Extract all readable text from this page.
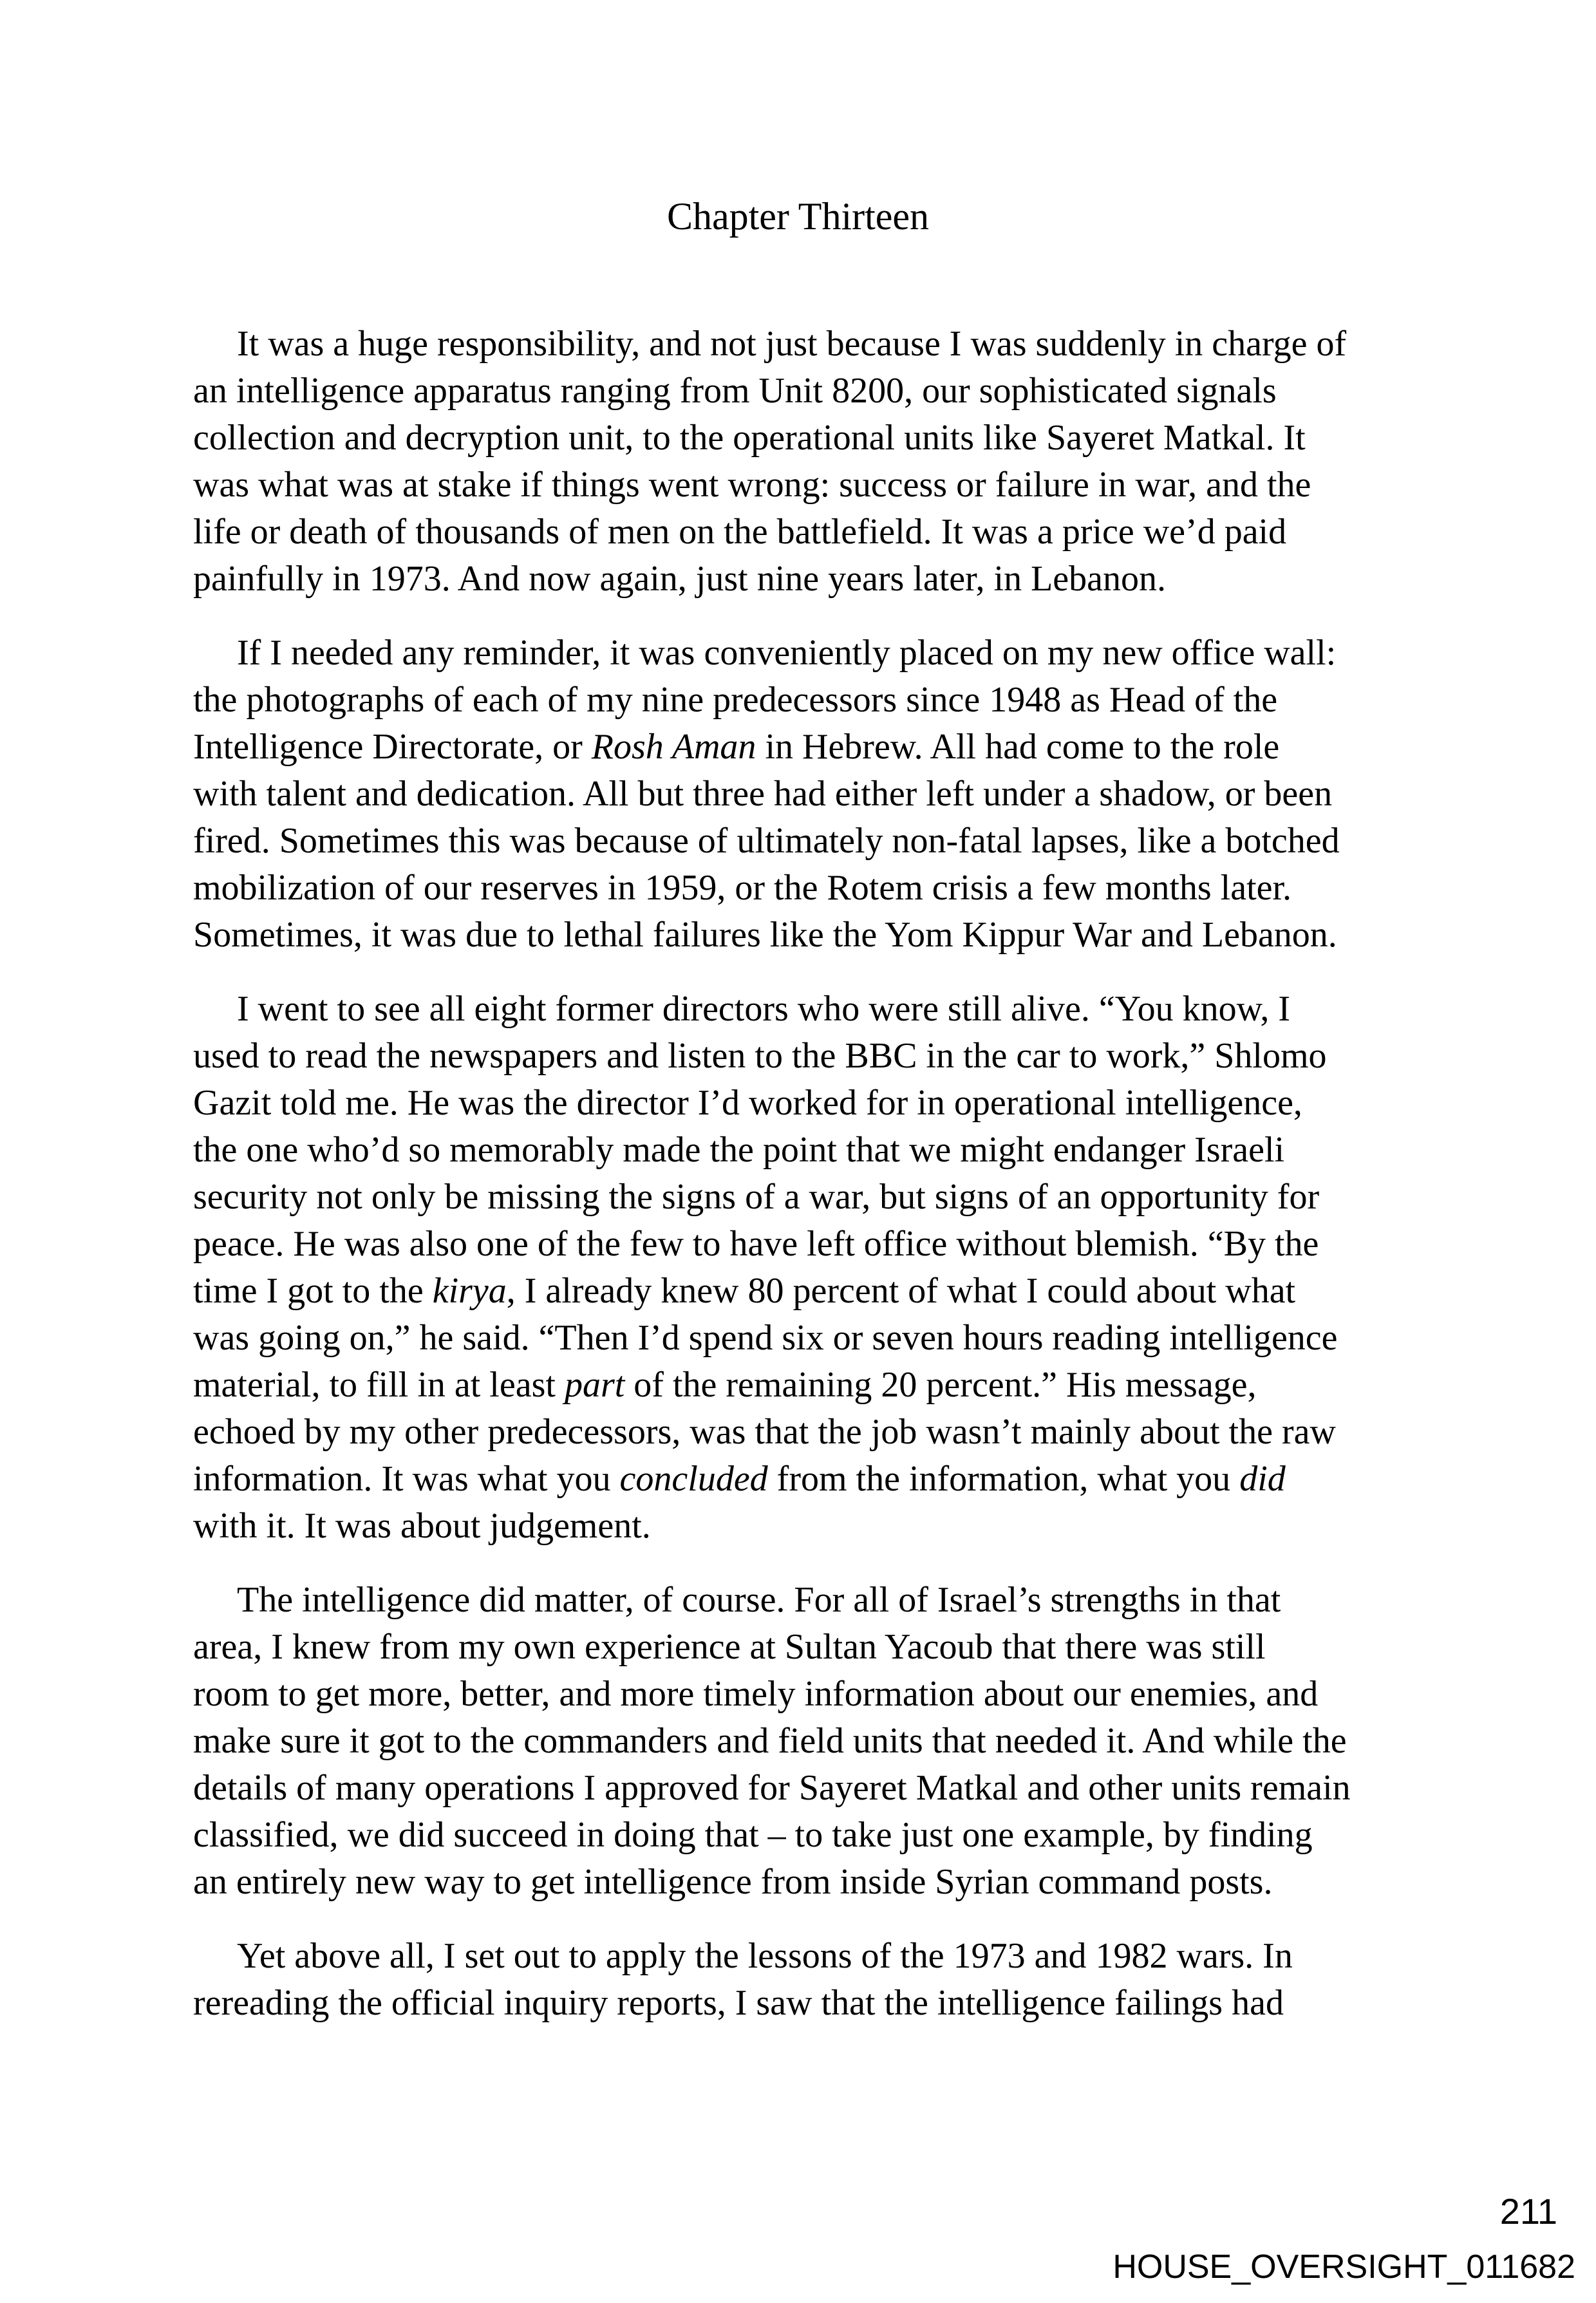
Chapter Thirteen
It was a huge responsibility, and not just because I was suddenly in charge of
an intelligence apparatus ranging from Unit 8200, our sophisticated signals
collection and decryption unit, to the operational units like Sayeret Matkal. It
was what was at stake if things went wrong: success or failure in war, and the
life or death of thousands of men on the battlefield. It was a price we’d paid
painfully in 1973. And now again, just nine years later, in Lebanon.
If I needed any reminder, it was conveniently placed on my new office wall:
the photographs of each of my nine predecessors since 1948 as Head of the
Intelligence Directorate, or Rosh Aman in Hebrew. All had come to the role
with talent and dedication. All but three had either left under a shadow, or been
fired. Sometimes this was because of ultimately non-fatal lapses, like a botched
mobilization of our reserves in 1959, or the Rotem crisis a few months later.
Sometimes, it was due to lethal failures like the Yom Kippur War and Lebanon.
I went to see all eight former directors who were still alive. “You know, I
used to read the newspapers and listen to the BBC in the car to work,” Shlomo
Gazit told me. He was the director I’d worked for in operational intelligence,
the one who’d so memorably made the point that we might endanger Israeli
security not only be missing the signs of a war, but signs of an opportunity for
peace. He was also one of the few to have left office without blemish. “By the
time I got to the kirya, I already knew 80 percent of what I could about what
was going on,” he said. “Then I’d spend six or seven hours reading intelligence
material, to fill in at least part of the remaining 20 percent.” His message,
echoed by my other predecessors, was that the job wasn’t mainly about the raw
information. It was what you concluded from the information, what you did
with it. It was about judgement.
The intelligence did matter, of course. For all of Israel’s strengths in that
area, I knew from my own experience at Sultan Yacoub that there was still
room to get more, better, and more timely information about our enemies, and
make sure it got to the commanders and field units that needed it. And while the
details of many operations I approved for Sayeret Matkal and other units remain
classified, we did succeed in doing that – to take just one example, by finding
an entirely new way to get intelligence from inside Syrian command posts.
Yet above all, I set out to apply the lessons of the 1973 and 1982 wars. In
rereading the official inquiry reports, I saw that the intelligence failings had
211
HOUSE_OVERSIGHT_011682
